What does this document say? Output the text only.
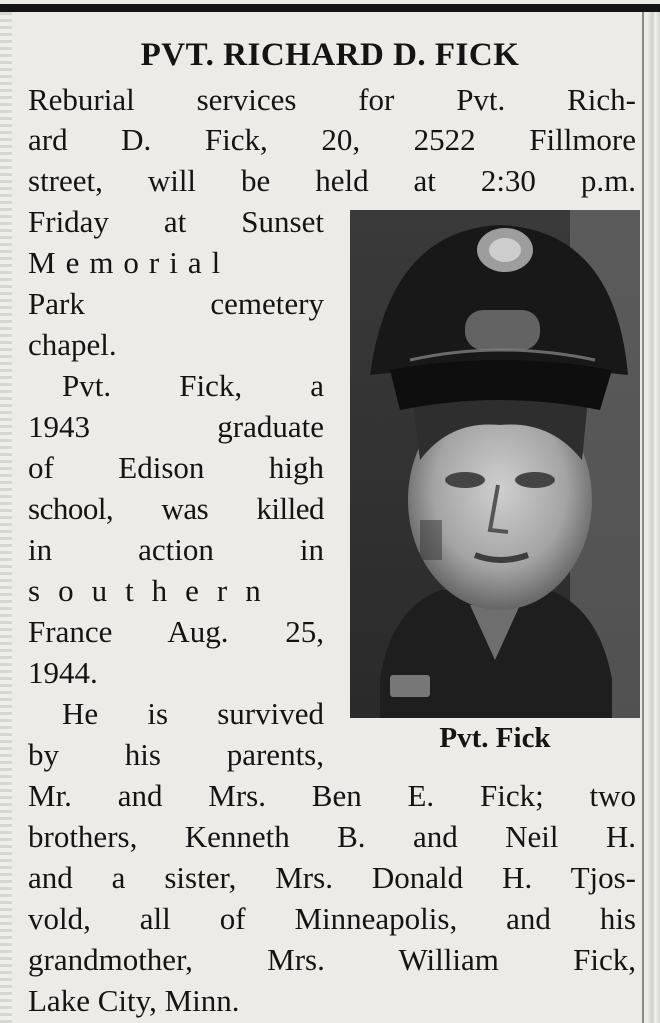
PVT. RICHARD D. FICK
Reburial services for Pvt. Rich-
ard D. Fick, 20, 2522 Fillmore
street, will be held at 2:30 p.m.
Friday at Sunset
Memorial
Park cemetery
chapel.
Pvt. Fick, a
1943 graduate
of Edison high
school, was killed
in action in
southern
France Aug. 25,
1944.
He is survived
by his parents,
Mr. and Mrs. Ben E. Fick; two
brothers, Kenneth B. and Neil H.
and a sister, Mrs. Donald H. Tjos-
vold, all of Minneapolis, and his
grandmother, Mrs. William Fick,
Lake City, Minn.
Pvt. Fick
